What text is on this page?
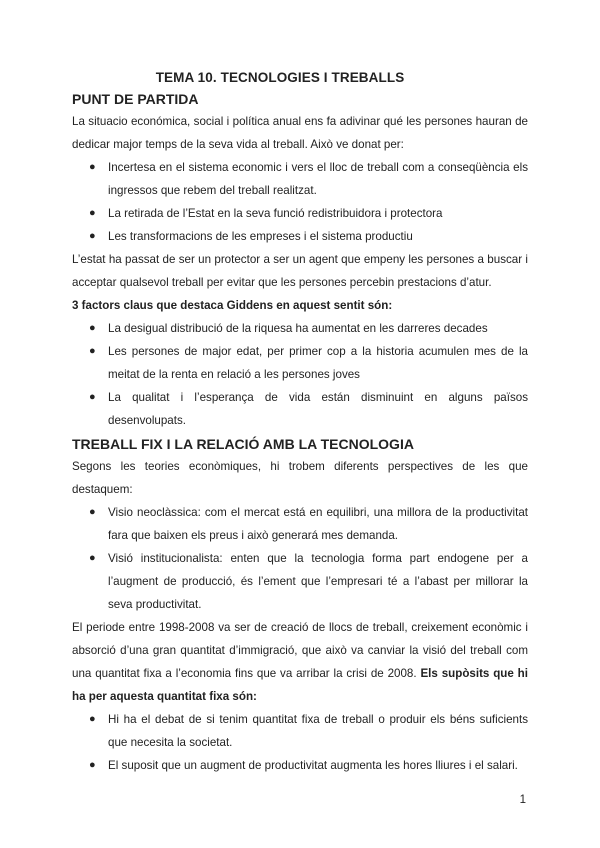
TEMA 10. TECNOLOGIES I TREBALLS
PUNT DE PARTIDA

La situacio económica, social i política anual ens fa adivinar qué les persones hauran de dedicar major temps de la seva vida al treball. Això ve donat per:

● Incertesa en el sistema economic i vers el lloc de treball com a conseqüència els ingressos que rebem del treball realitzat.
● La retirada de l’Estat en la seva funció redistribuidora i protectora
● Les transformacions de les empreses i el sistema productiu

L’estat ha passat de ser un protector a ser un agent que empeny les persones a buscar i acceptar qualsevol treball per evitar que les persones percebin prestacions d’atur.

3 factors claus que destaca Giddens en aquest sentit són:

● La desigual distribució de la riquesa ha aumentat en les darreres decades
● Les persones de major edat, per primer cop a la historia acumulen mes de la meitat de la renta en relació a les persones joves
● La qualitat i l’esperança de vida están disminuint en alguns països desenvolupats.
TREBALL FIX I LA RELACIÓ AMB LA TECNOLOGIA

Segons les teories econòmiques, hi trobem diferents perspectives de les que destaquem:

● Visio neoclàssica: com el mercat está en equilibri, una millora de la productivitat fara que baixen els preus i això generará mes demanda.
● Visió institucionalista: enten que la tecnologia forma part endogene per a l’augment de producció, és l’ement que l’empresari té a l’abast per millorar la seva productivitat.

El periode entre 1998-2008 va ser de creació de llocs de treball, creixement econòmic i absorció d’una gran quantitat d’immigració, que això va canviar la visió del treball com una quantitat fixa a l’economia fins que va arribar la crisi de 2008. Els supòsits que hi ha per aquesta quantitat fixa són:

● Hi ha el debat de si tenim quantitat fixa de treball o produir els béns suficients que necesita la societat.
● El suposit que un augment de productivitat augmenta les hores lliures i el salari.
1
